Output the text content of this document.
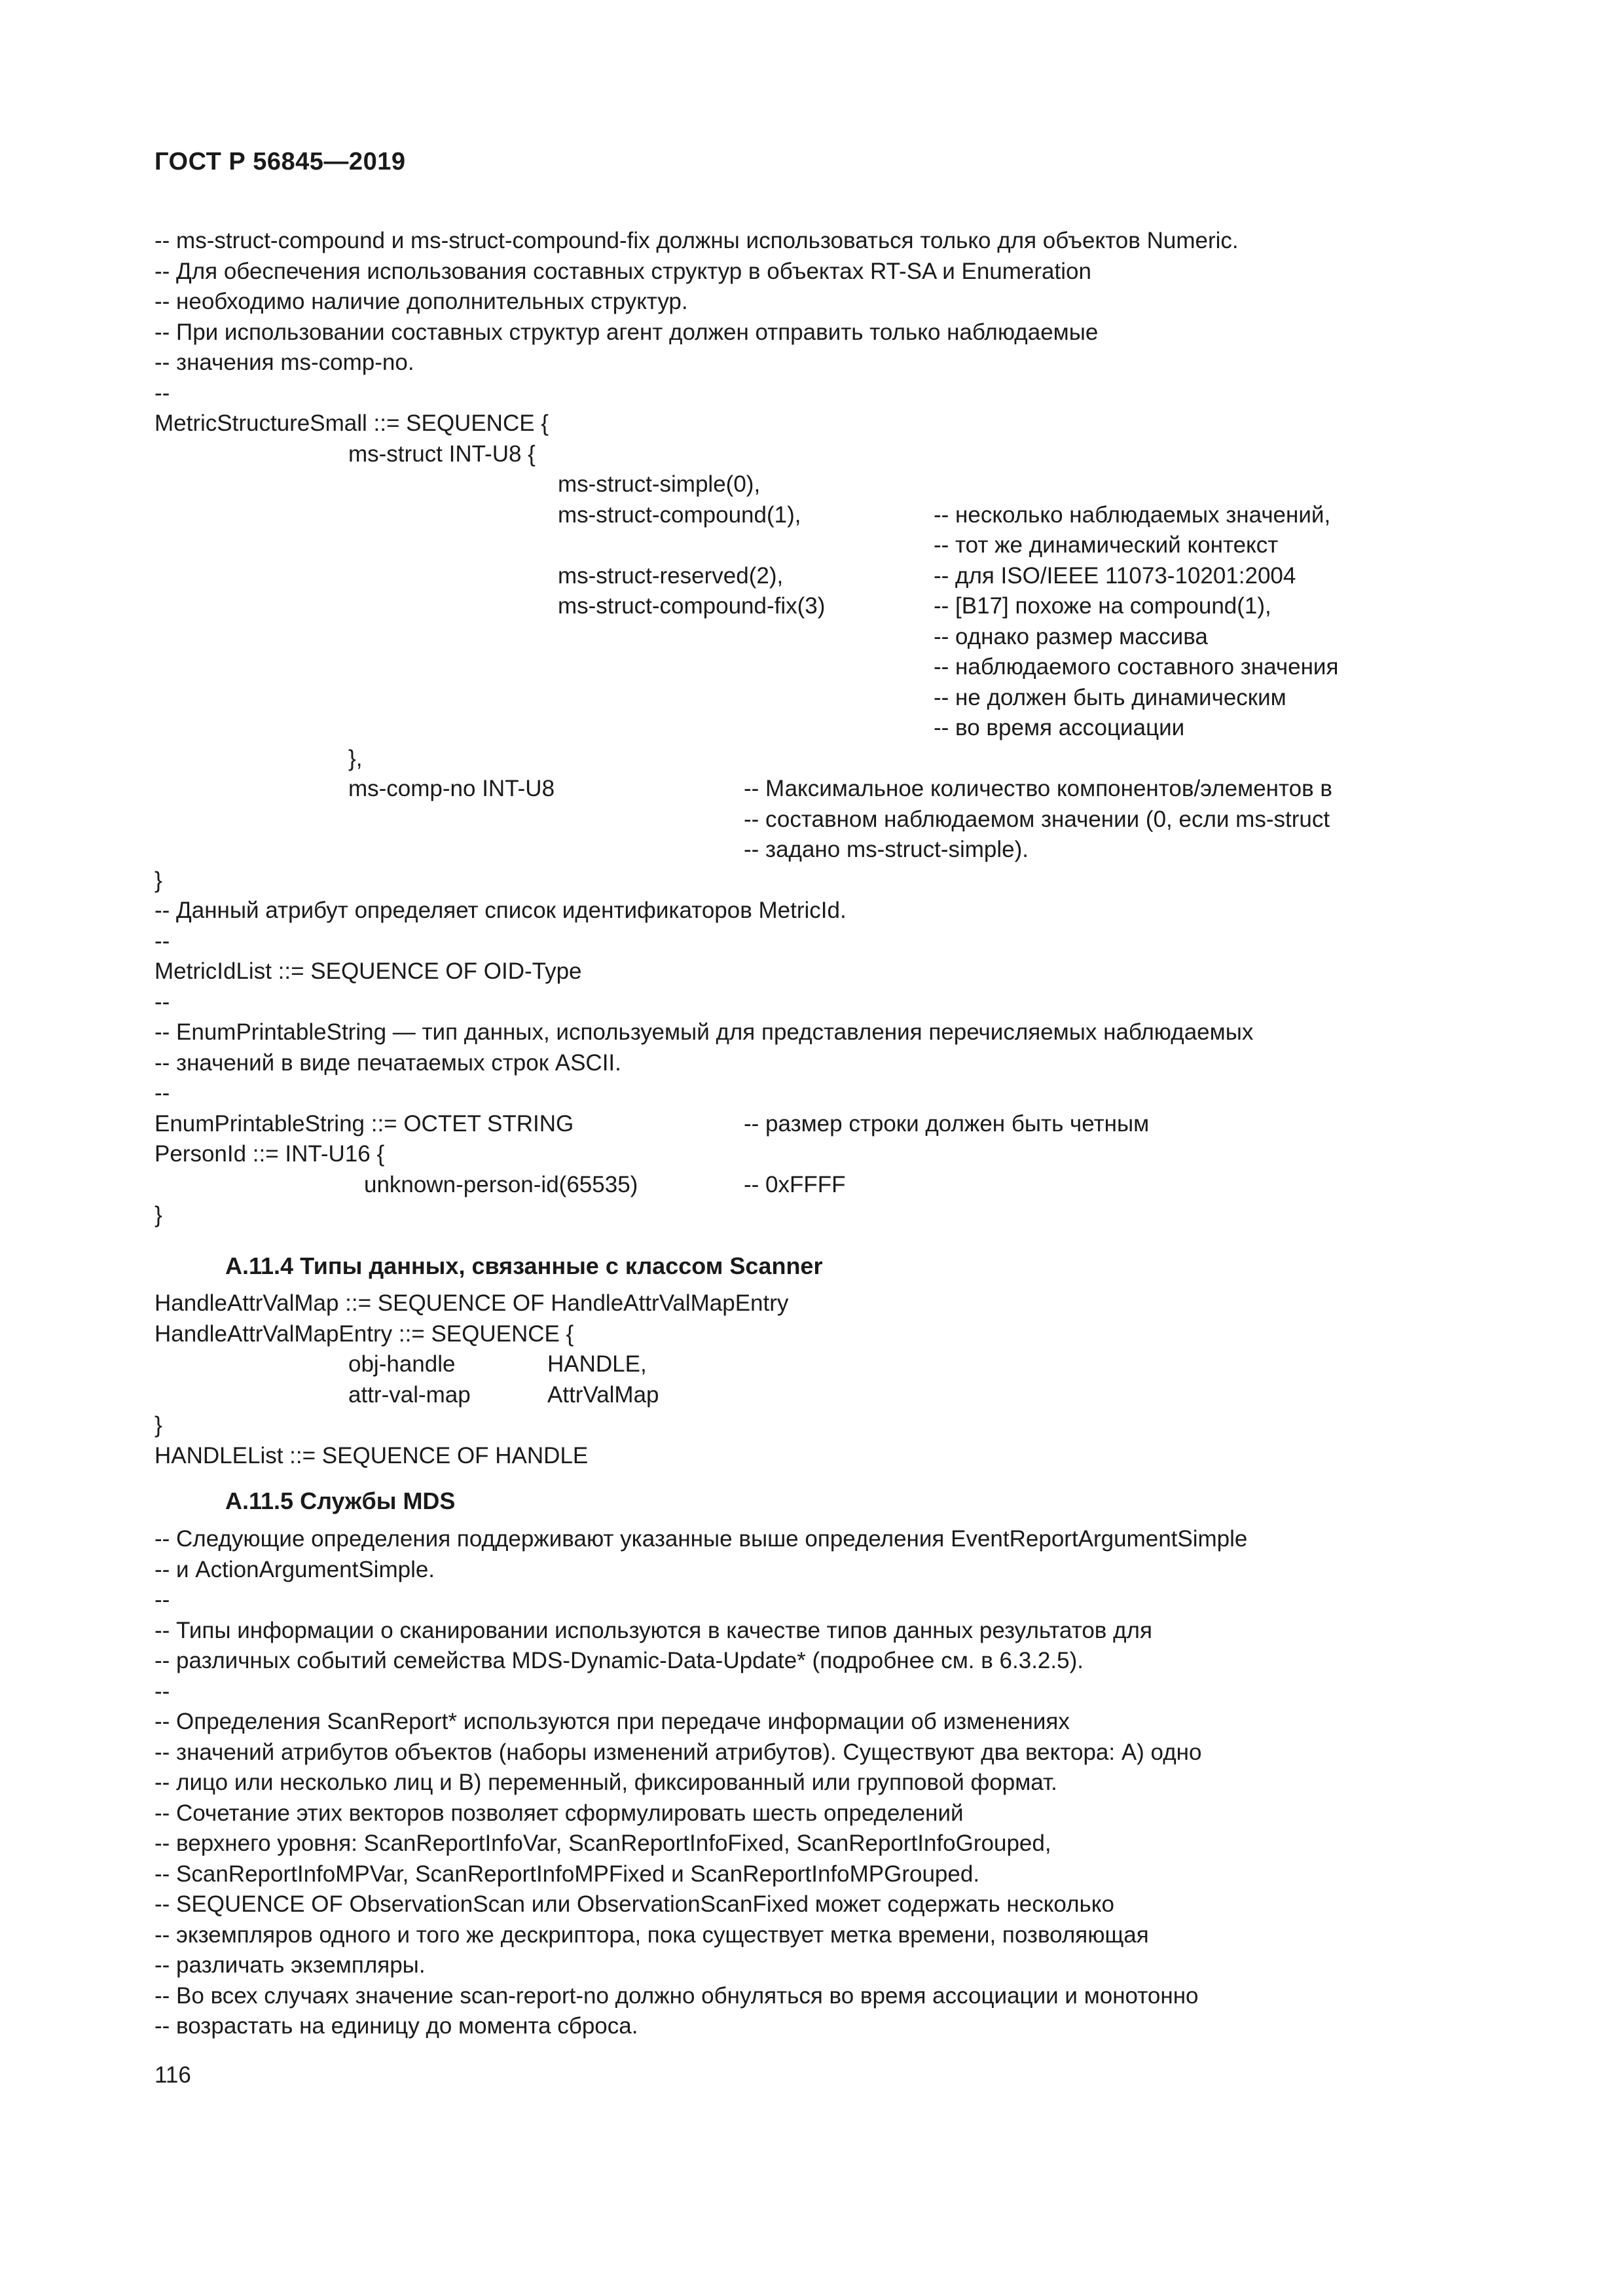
ГОСТ Р 56845—2019
-- ms-struct-compound и ms-struct-compound-fix должны использоваться только для объектов Numeric.
-- Для обеспечения использования составных структур в объектах RT-SA и Enumeration
-- необходимо наличие дополнительных структур.
-- При использовании составных структур агент должен отправить только наблюдаемые
-- значения ms-comp-no.
--
MetricStructureSmall ::= SEQUENCE {
ms-struct INT-U8 {
ms-struct-simple(0),
ms-struct-compound(1),	-- несколько наблюдаемых значений,
-- тот же динамический контекст
ms-struct-reserved(2),	-- для ISO/IEEE 11073-10201:2004
ms-struct-compound-fix(3)	-- [B17] похоже на compound(1),
-- однако размер массива
-- наблюдаемого составного значения
-- не должен быть динамическим
-- во время ассоциации
},
ms-comp-no INT-U8	-- Максимальное количество компонентов/элементов в
-- составном наблюдаемом значении (0, если ms-struct
-- задано ms-struct-simple).
}
-- Данный атрибут определяет список идентификаторов MetricId.
--
MetricIdList ::= SEQUENCE OF OID-Type
--
-- EnumPrintableString — тип данных, используемый для представления перечисляемых наблюдаемых
-- значений в виде печатаемых строк ASCII.
--
EnumPrintableString ::= OCTET STRING	-- размер строки должен быть четным
PersonId ::= INT-U16 {
unknown-person-id(65535)	-- 0xFFFF
}
A.11.4 Типы данных, связанные с классом Scanner
HandleAttrValMap ::= SEQUENCE OF HandleAttrValMapEntry
HandleAttrValMapEntry ::= SEQUENCE {
obj-handle	HANDLE,
attr-val-map	AttrValMap
}
HANDLEList ::= SEQUENCE OF HANDLE
A.11.5 Службы MDS
-- Следующие определения поддерживают указанные выше определения EventReportArgumentSimple
-- и ActionArgumentSimple.
--
-- Типы информации о сканировании используются в качестве типов данных результатов для
-- различных событий семейства MDS-Dynamic-Data-Update* (подробнее см. в 6.3.2.5).
--
-- Определения ScanReport* используются при передаче информации об изменениях
-- значений атрибутов объектов (наборы изменений атрибутов). Существуют два вектора: А) одно
-- лицо или несколько лиц и В) переменный, фиксированный или групповой формат.
-- Сочетание этих векторов позволяет сформулировать шесть определений
-- верхнего уровня: ScanReportInfoVar, ScanReportInfoFixed, ScanReportInfoGrouped,
-- ScanReportInfoMPVar, ScanReportInfoMPFixed и ScanReportInfoMPGrouped.
-- SEQUENCE OF ObservationScan или ObservationScanFixed может содержать несколько
-- экземпляров одного и того же дескриптора, пока существует метка времени, позволяющая
-- различать экземпляры.
-- Во всех случаях значение scan-report-no должно обнуляться во время ассоциации и монотонно
-- возрастать на единицу до момента сброса.
116
